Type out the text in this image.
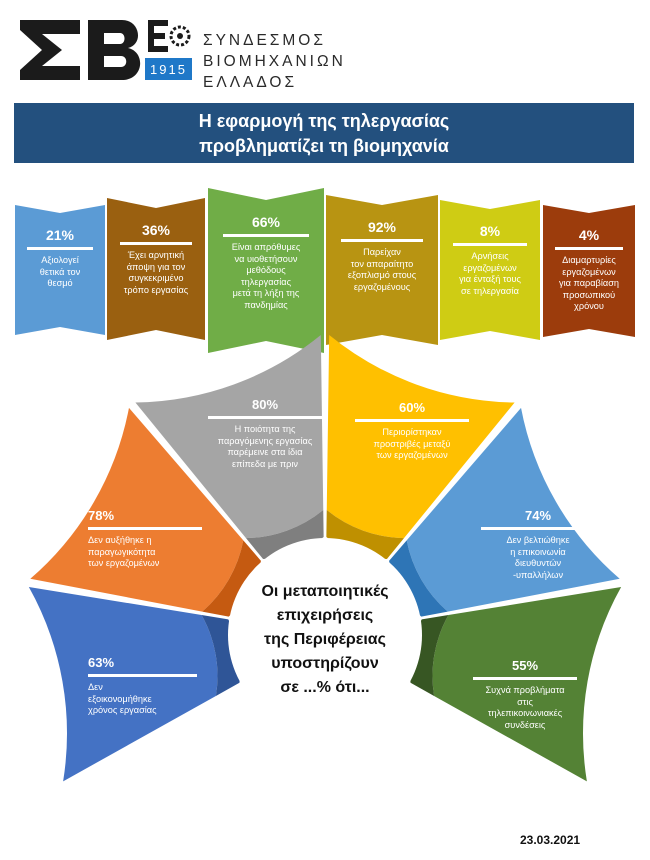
1915
ΣΥΝΔΕΣΜΟΣ
ΒΙΟΜΗΧΑΝΙΩΝ
ΕΛΛΑΔΟΣ
Η εφαρμογή της τηλεργασίας
προβληματίζει τη βιομηχανία
21%
Αξιολογεί
θετικά τον
θεσμό
36%
Έχει αρνητική
άποψη για τον
συγκεκριμένο
τρόπο εργασίας
66%
Είναι απρόθυμες
να υιοθετήσουν
μεθόδους
τηλεργασίας
μετά τη λήξη της
πανδημίας
92%
Παρείχαν
τον απαραίτητο
εξοπλισμό στους
εργαζομένους
8%
Αρνήσεις
εργαζομένων
για ένταξή τους
σε τηλεργασία
4%
Διαμαρτυρίες
εργαζομένων
για παραβίαση
προσωπικού
χρόνου
63%
Δεν
εξοικονομήθηκε
χρόνος εργασίας
78%
Δεν αυξήθηκε η
παραγωγικότητα
των εργαζομένων
80%
Η ποιότητα της
παραγόμενης εργασίας
παρέμεινε στα ίδια
επίπεδα με πριν
60%
Περιορίστηκαν
προστριβές μεταξύ
των εργαζομένων
74%
Δεν βελτιώθηκε
η επικοινωνία
διευθυντών
-υπαλλήλων
55%
Συχνά προβλήματα
στις
τηλεπικοινωνιακές
συνδέσεις
Οι μεταποιητικές
επιχειρήσεις
της Περιφέρειας
υποστηρίζουν
σε ...% ότι...
23.03.2021
